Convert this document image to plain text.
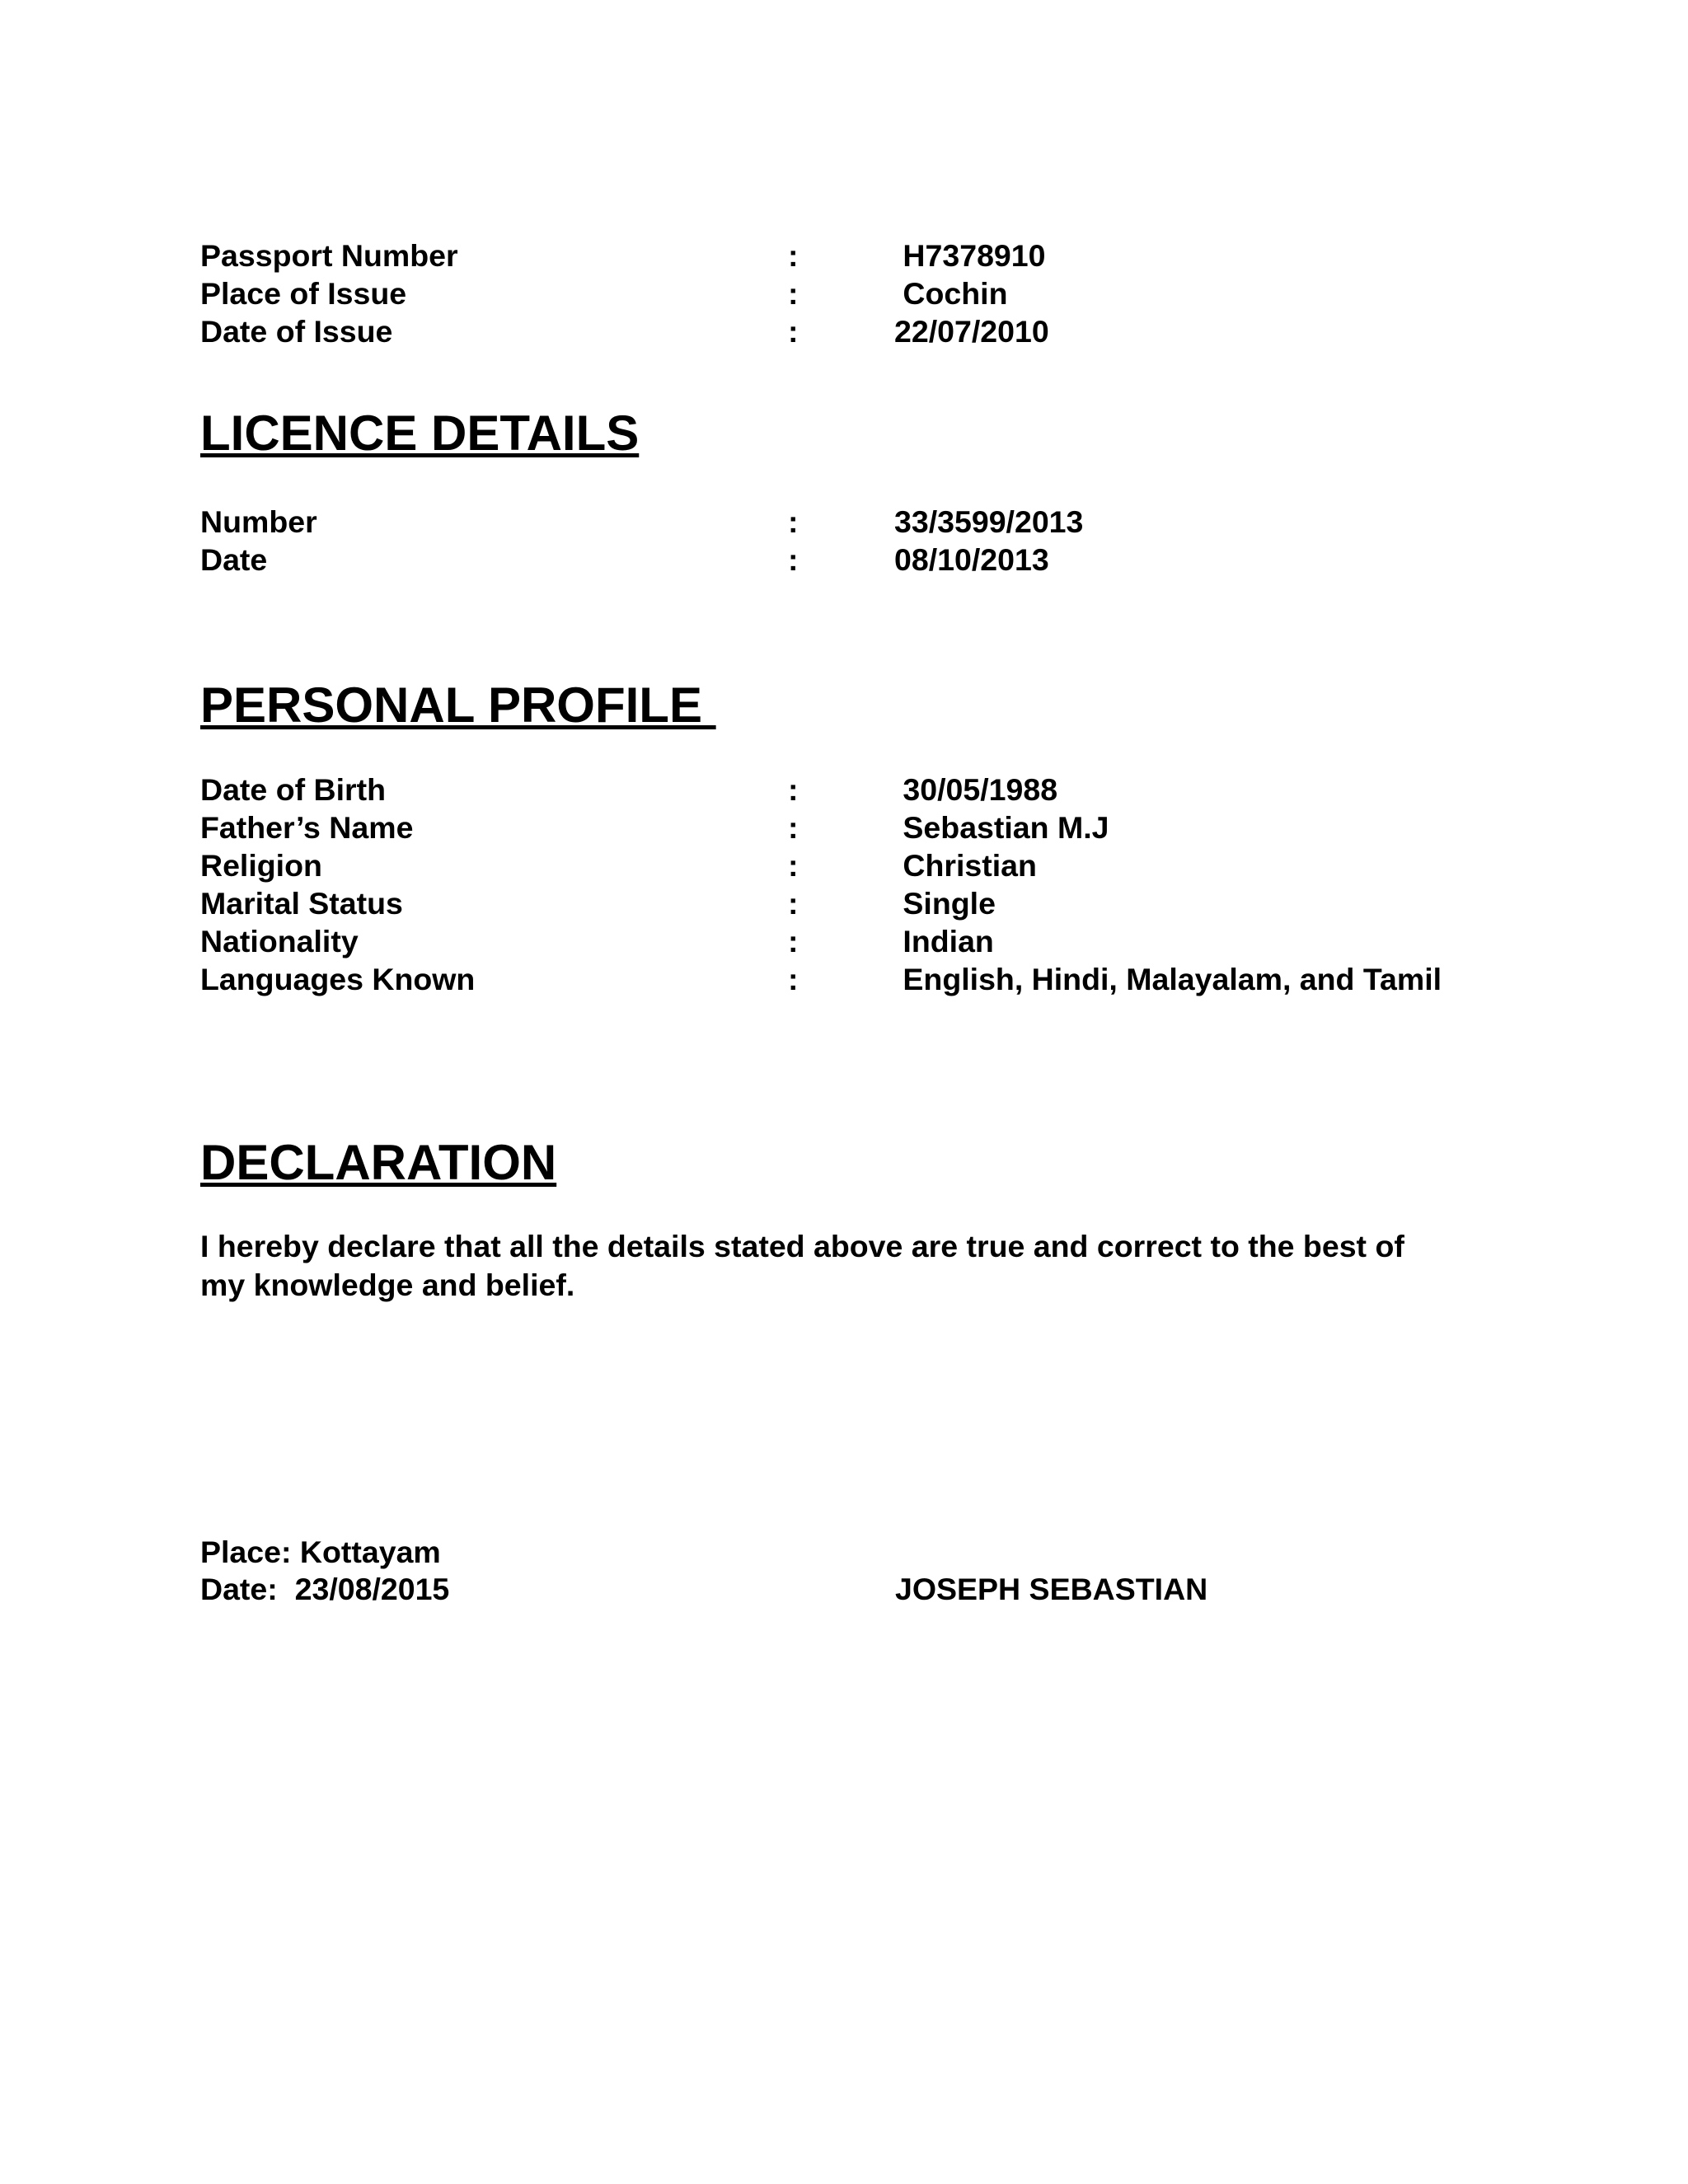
Passport Number	:	H7378910
Place of Issue	:	Cochin
Date of Issue	:	22/07/2010
LICENCE DETAILS
Number	:	33/3599/2013
Date	:	08/10/2013
PERSONAL PROFILE
Date of Birth	:	30/05/1988
Father’s Name	:	Sebastian M.J
Religion	:	Christian
Marital Status	:	Single
Nationality	:	Indian
Languages Known	:	English, Hindi, Malayalam, and Tamil
DECLARATION
I hereby declare that all the details stated above are true and correct to the best of
my knowledge and belief.
Place: Kottayam
Date:  23/08/2015	JOSEPH SEBASTIAN
